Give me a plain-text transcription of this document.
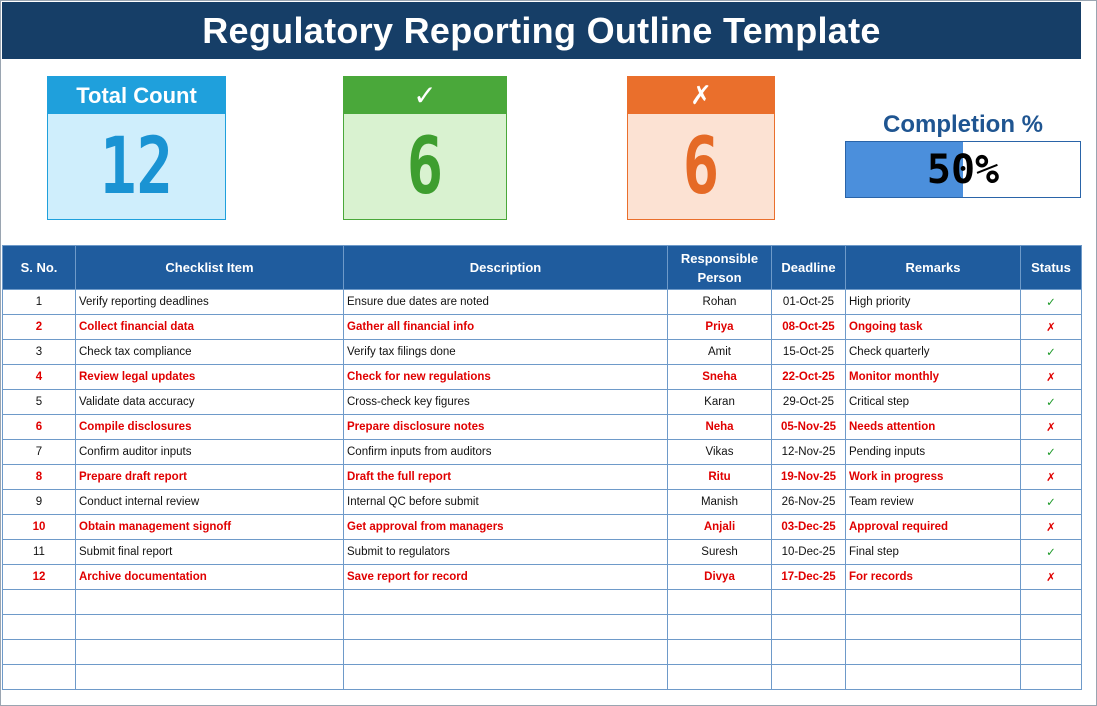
Regulatory Reporting Outline Template
Total Count
12
✓
6
✗
6	Completion %
50%
S. No.	Checklist Item	Description	Responsible Person	Deadline	Remarks	Status
1	Verify reporting deadlines	Ensure due dates are noted	Rohan	01-Oct-25	High priority	✓
2	Collect financial data	Gather all financial info	Priya	08-Oct-25	Ongoing task	✗
3	Check tax compliance	Verify tax filings done	Amit	15-Oct-25	Check quarterly	✓
4	Review legal updates	Check for new regulations	Sneha	22-Oct-25	Monitor monthly	✗
5	Validate data accuracy	Cross-check key figures	Karan	29-Oct-25	Critical step	✓
6	Compile disclosures	Prepare disclosure notes	Neha	05-Nov-25	Needs attention	✗
7	Confirm auditor inputs	Confirm inputs from auditors	Vikas	12-Nov-25	Pending inputs	✓
8	Prepare draft report	Draft the full report	Ritu	19-Nov-25	Work in progress	✗
9	Conduct internal review	Internal QC before submit	Manish	26-Nov-25	Team review	✓
10	Obtain management signoff	Get approval from managers	Anjali	03-Dec-25	Approval required	✗
11	Submit final report	Submit to regulators	Suresh	10-Dec-25	Final step	✓
12	Archive documentation	Save report for record	Divya	17-Dec-25	For records	✗
